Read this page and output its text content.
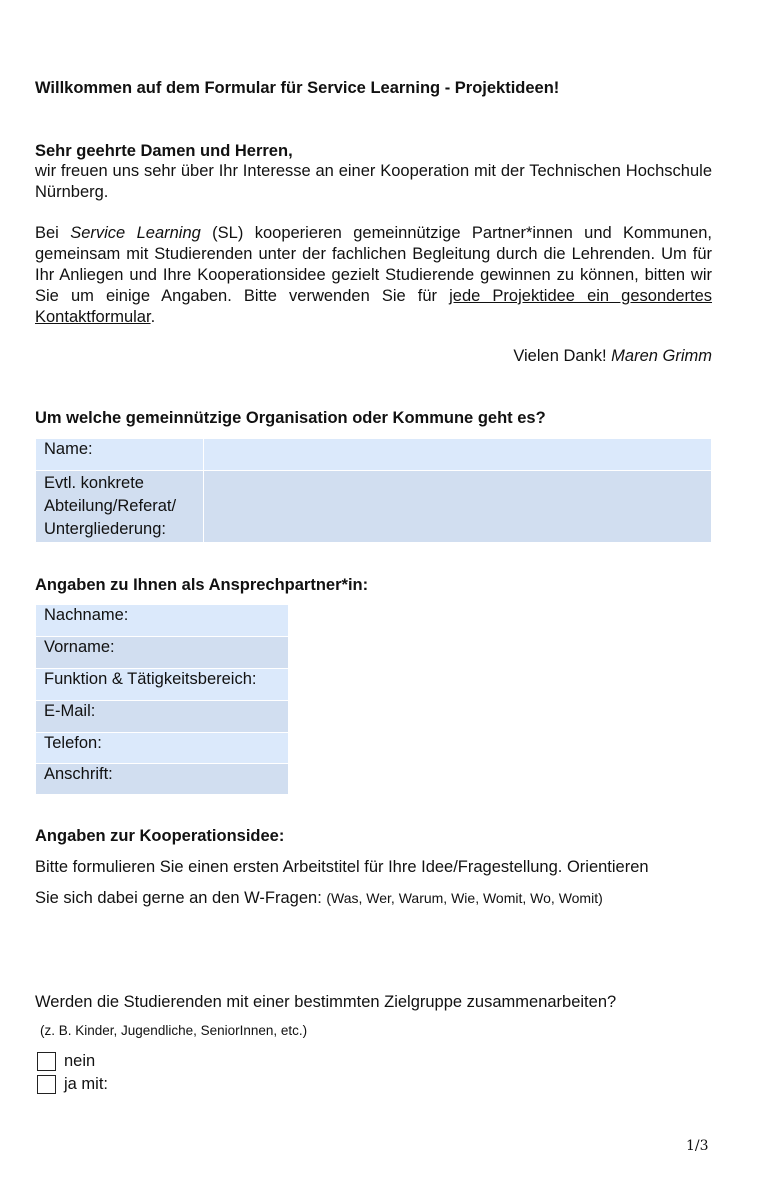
Willkommen auf dem Formular für Service Learning - Projektideen!
Sehr geehrte Damen und Herren,
wir freuen uns sehr über Ihr Interesse an einer Kooperation mit der Technischen Hochschule Nürnberg.
Bei Service Learning (SL) kooperieren gemeinnützige Partner*innen und Kommunen, gemeinsam mit Studierenden unter der fachlichen Begleitung durch die Lehrenden. Um für Ihr Anliegen und Ihre Kooperationsidee gezielt Studierende gewinnen zu können, bitten wir Sie um einige Angaben. Bitte verwenden Sie für jede Projektidee ein gesondertes Kontaktformular.
Vielen Dank! Maren Grimm
Um welche gemeinnützige Organisation oder Kommune geht es?
Name:
Evtl. konkrete
Abteilung/Referat/
Untergliederung:
Angaben zu Ihnen als Ansprechpartner*in:
Nachname:
Vorname:
Funktion & Tätigkeitsbereich:
E-Mail:
Telefon:
Anschrift:
Angaben zur Kooperationsidee:
Bitte formulieren Sie einen ersten Arbeitstitel für Ihre Idee/Fragestellung. Orientieren
Sie sich dabei gerne an den W-Fragen: (Was, Wer, Warum, Wie, Womit, Wo, Womit)
Werden die Studierenden mit einer bestimmten Zielgruppe zusammenarbeiten?
(z. B. Kinder, Jugendliche, SeniorInnen, etc.)
nein
ja mit:
1/3
